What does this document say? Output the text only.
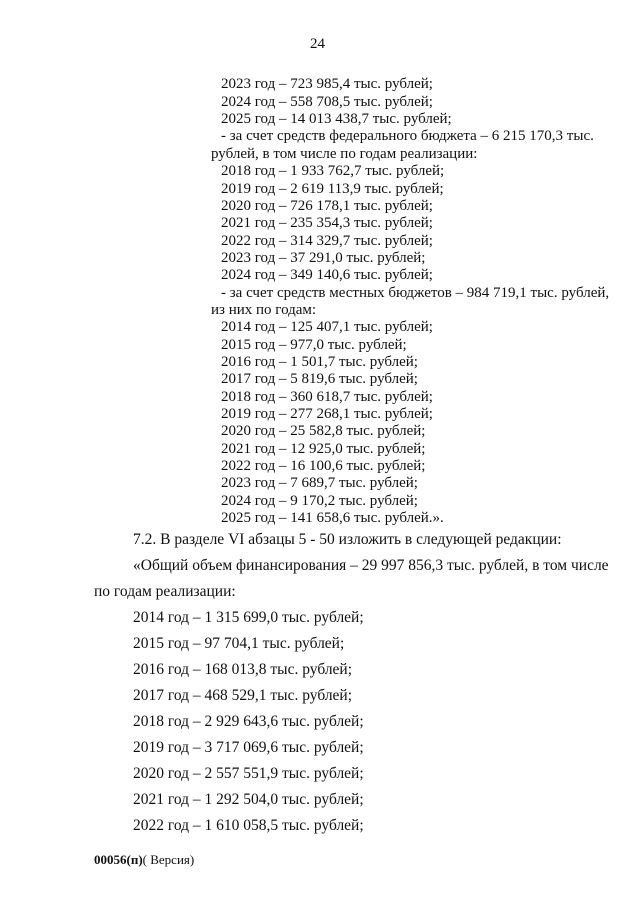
24
2023 год – 723 985,4 тыс. рублей;
2024 год – 558 708,5 тыс. рублей;
2025 год – 14 013 438,7 тыс. рублей;
- за счет средств федерального бюджета – 6 215 170,3 тыс.
рублей, в том числе по годам реализации:
2018 год – 1 933 762,7 тыс. рублей;
2019 год – 2 619 113,9 тыс. рублей;
2020 год – 726 178,1 тыс. рублей;
2021 год – 235 354,3 тыс. рублей;
2022 год – 314 329,7 тыс. рублей;
2023 год – 37 291,0 тыс. рублей;
2024 год – 349 140,6 тыс. рублей;
- за счет средств местных бюджетов – 984 719,1 тыс. рублей,
из них по годам:
2014 год – 125 407,1 тыс. рублей;
2015 год – 977,0 тыс. рублей;
2016 год – 1 501,7 тыс. рублей;
2017 год – 5 819,6 тыс. рублей;
2018 год – 360 618,7 тыс. рублей;
2019 год – 277 268,1 тыс. рублей;
2020 год – 25 582,8 тыс. рублей;
2021 год – 12 925,0 тыс. рублей;
2022 год – 16 100,6 тыс. рублей;
2023 год – 7 689,7 тыс. рублей;
2024 год – 9 170,2 тыс. рублей;
2025 год – 141 658,6 тыс. рублей.».
7.2. В разделе VI абзацы 5 - 50 изложить в следующей редакции:
«Общий объем финансирования – 29 997 856,3 тыс. рублей, в том числе
по годам реализации:
2014 год – 1 315 699,0 тыс. рублей;
2015 год – 97 704,1 тыс. рублей;
2016 год – 168 013,8 тыс. рублей;
2017 год – 468 529,1 тыс. рублей;
2018 год – 2 929 643,6 тыс. рублей;
2019 год – 3 717 069,6 тыс. рублей;
2020 год – 2 557 551,9 тыс. рублей;
2021 год – 1 292 504,0 тыс. рублей;
2022 год – 1 610 058,5 тыс. рублей;
00056(п)( Версия)
